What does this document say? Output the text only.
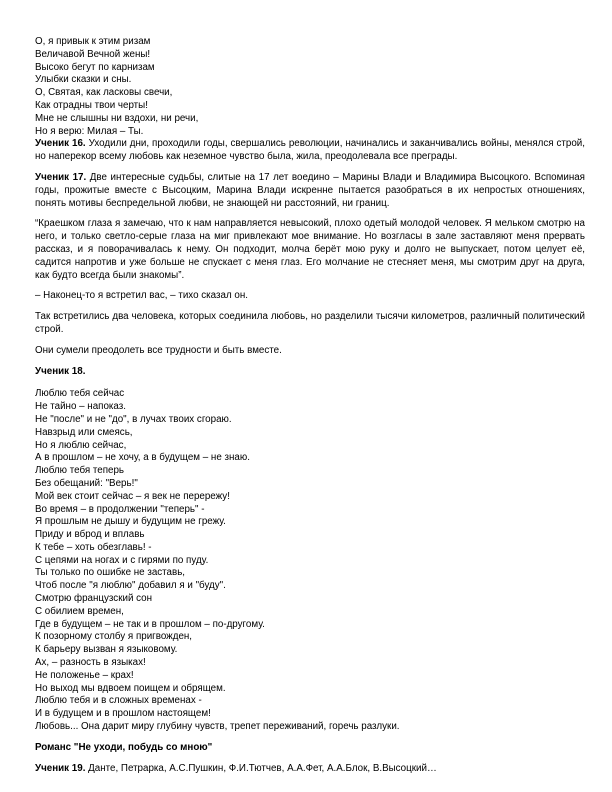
О, я привык к этим ризам
Величавой Вечной жены!
Высоко бегут по карнизам
Улыбки сказки и сны.
О, Святая, как ласковы свечи,
Как отрадны твои черты!
Мне не слышны ни вздохи, ни речи,
Но я верю: Милая – Ты.

Ученик 16. Уходили дни, проходили годы, свершались революции, начинались и заканчивались войны, менялся строй, но наперекор всему любовь как неземное чувство была, жила, преодолевала все преграды.

Ученик 17. Две интересные судьбы, слитые на 17 лет воедино – Марины Влади и Владимира Высоцкого. Вспоминая годы, прожитые вместе с Высоцким, Марина Влади искренне пытается разобраться в их непростых отношениях, понять мотивы беспредельной любви, не знающей ни расстояний, ни границ.

“Краешком глаза я замечаю, что к нам направляется невысокий, плохо одетый молодой человек. Я мельком смотрю на него, и только светло-серые глаза на миг привлекают мое внимание. Но возгласы в зале заставляют меня прервать рассказ, и я поворачивалась к нему. Он подходит, молча берёт мою руку и долго не выпускает, потом целует её, садится напротив и уже больше не спускает с меня глаз. Его молчание не стесняет меня, мы смотрим друг на друга, как будто всегда были знакомы”.

– Наконец-то я встретил вас, – тихо сказал он.

Так встретились два человека, которых соединила любовь, но разделили тысячи километров, различный политический строй.

Они сумели преодолеть все трудности и быть вместе.

Ученик 18.

Люблю тебя сейчас
Не тайно – напоказ.
Не "после" и не "до", в лучах твоих сгораю.
Навзрыд или смеясь,
Но я люблю сейчас,
А в прошлом – не хочу, а в будущем – не знаю.
Люблю тебя теперь
Без обещаний: "Верь!"
Мой век стоит сейчас – я век не перережу!
Во время – в продолжении "теперь" -
Я прошлым не дышу и будущим не грежу.
Приду и вброд и вплавь
К тебе – хоть обезглавь! -
С цепями на ногах и с гирями по пуду.
Ты только по ошибке не заставь,
Чтоб после "я люблю" добавил я и "буду".
Смотрю французский сон
С обилием времен,
Где в будущем – не так и в прошлом – по-другому.
К позорному столбу я пригвожден,
К барьеру вызван я языковому.
Ах, – разность в языках!
Не положенье – крах!
Но выход мы вдвоем поищем и обрящем.
Люблю тебя и в сложных временах -
И в будущем и в прошлом настоящем!

Любовь... Она дарит миру глубину чувств, трепет переживаний, горечь разлуки.

Романс "Не уходи, побудь со мною"

Ученик 19. Данте, Петрарка, А.С.Пушкин, Ф.И.Тютчев, А.А.Фет, А.А.Блок, В.Высоцкий…
